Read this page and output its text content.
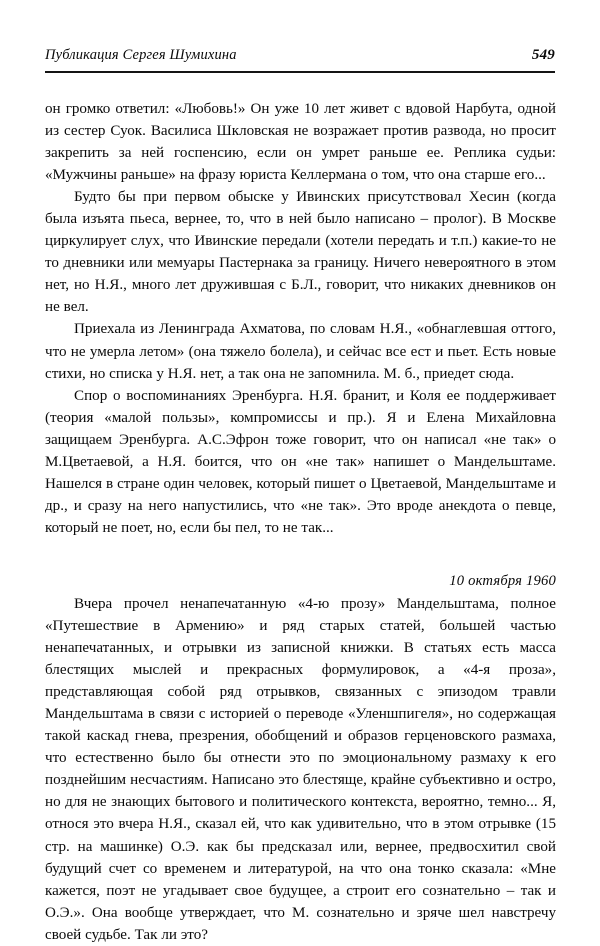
Публикация Сергея Шумихина	549

он громко ответил: «Любовь!» Он уже 10 лет живет с вдовой Нарбута, одной из сестер Суок. Василиса Шкловская не возражает против развода, но просит закрепить за ней госпенсию, если он умрет раньше ее. Реплика судьи: «Мужчины раньше» на фразу юриста Келлермана о том, что она старше его...

Будто бы при первом обыске у Ивинских присутствовал Хесин (когда была изъята пьеса, вернее, то, что в ней было написано – пролог). В Москве циркулирует слух, что Ивинские передали (хотели передать и т.п.) какие-то не то дневники или мемуары Пастернака за границу. Ничего невероятного в этом нет, но Н.Я., много лет дружившая с Б.Л., говорит, что никаких дневников он не вел.

Приехала из Ленинграда Ахматова, по словам Н.Я., «обнаглевшая оттого, что не умерла летом» (она тяжело болела), и сейчас все ест и пьет. Есть новые стихи, но списка у Н.Я. нет, а так она не запомнила. М. б., приедет сюда.

Спор о воспоминаниях Эренбурга. Н.Я. бранит, и Коля ее поддерживает (теория «малой пользы», компромиссы и пр.). Я и Елена Михайловна защищаем Эренбурга. А.С.Эфрон тоже говорит, что он написал «не так» о М.Цветаевой, а Н.Я. боится, что он «не так» напишет о Мандельштаме. Нашелся в стране один человек, который пишет о Цветаевой, Мандельштаме и др., и сразу на него напустились, что «не так». Это вроде анекдота о певце, который не поет, но, если бы пел, то не так...

10 октября 1960

Вчера прочел ненапечатанную «4-ю прозу» Мандельштама, полное «Путешествие в Армению» и ряд старых статей, большей частью ненапечатанных, и отрывки из записной книжки. В статьях есть масса блестящих мыслей и прекрасных формулировок, а «4-я проза», представляющая собой ряд отрывков, связанных с эпизодом травли Мандельштама в связи с историей о переводе «Уленшпигеля», но содержащая такой каскад гнева, презрения, обобщений и образов герценовского размаха, что естественно было бы отнести это по эмоциональному размаху к его позднейшим несчастиям. Написано это блестяще, крайне субъективно и остро, но для не знающих бытового и политического контекста, вероятно, темно... Я, относя это вчера Н.Я., сказал ей, что как удивительно, что в этом отрывке (15 стр. на машинке) О.Э. как бы предсказал или, вернее, предвосхитил свой будущий счет со временем и литературой, на что она тонко сказала: «Мне кажется, поэт не угадывает свое будущее, а строит его сознательно – так и О.Э.». Она вообще утверждает, что М. сознательно и зряче шел навстречу своей судьбе. Так ли это?
